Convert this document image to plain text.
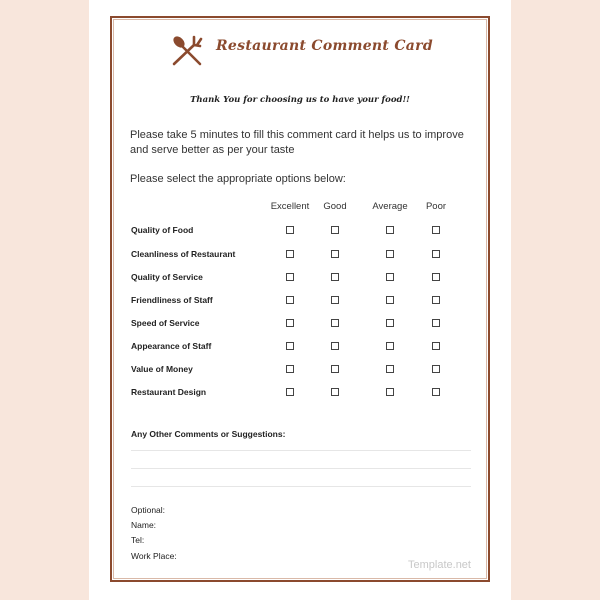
Restaurant Comment Card
Thank You for choosing us to have your food!!
Please take 5 minutes to fill this comment card it helps us to improve and serve better as per your taste
Please select the appropriate options below:
Excellent Good	Average Poor
Quality of Food
Cleanliness of Restaurant
Quality of Service
Friendliness of Staff
Speed of Service
Appearance of Staff
Value of Money
Restaurant Design
Any Other Comments or Suggestions:
Optional:
Name:
Tel:
Work Place:
Template.net
